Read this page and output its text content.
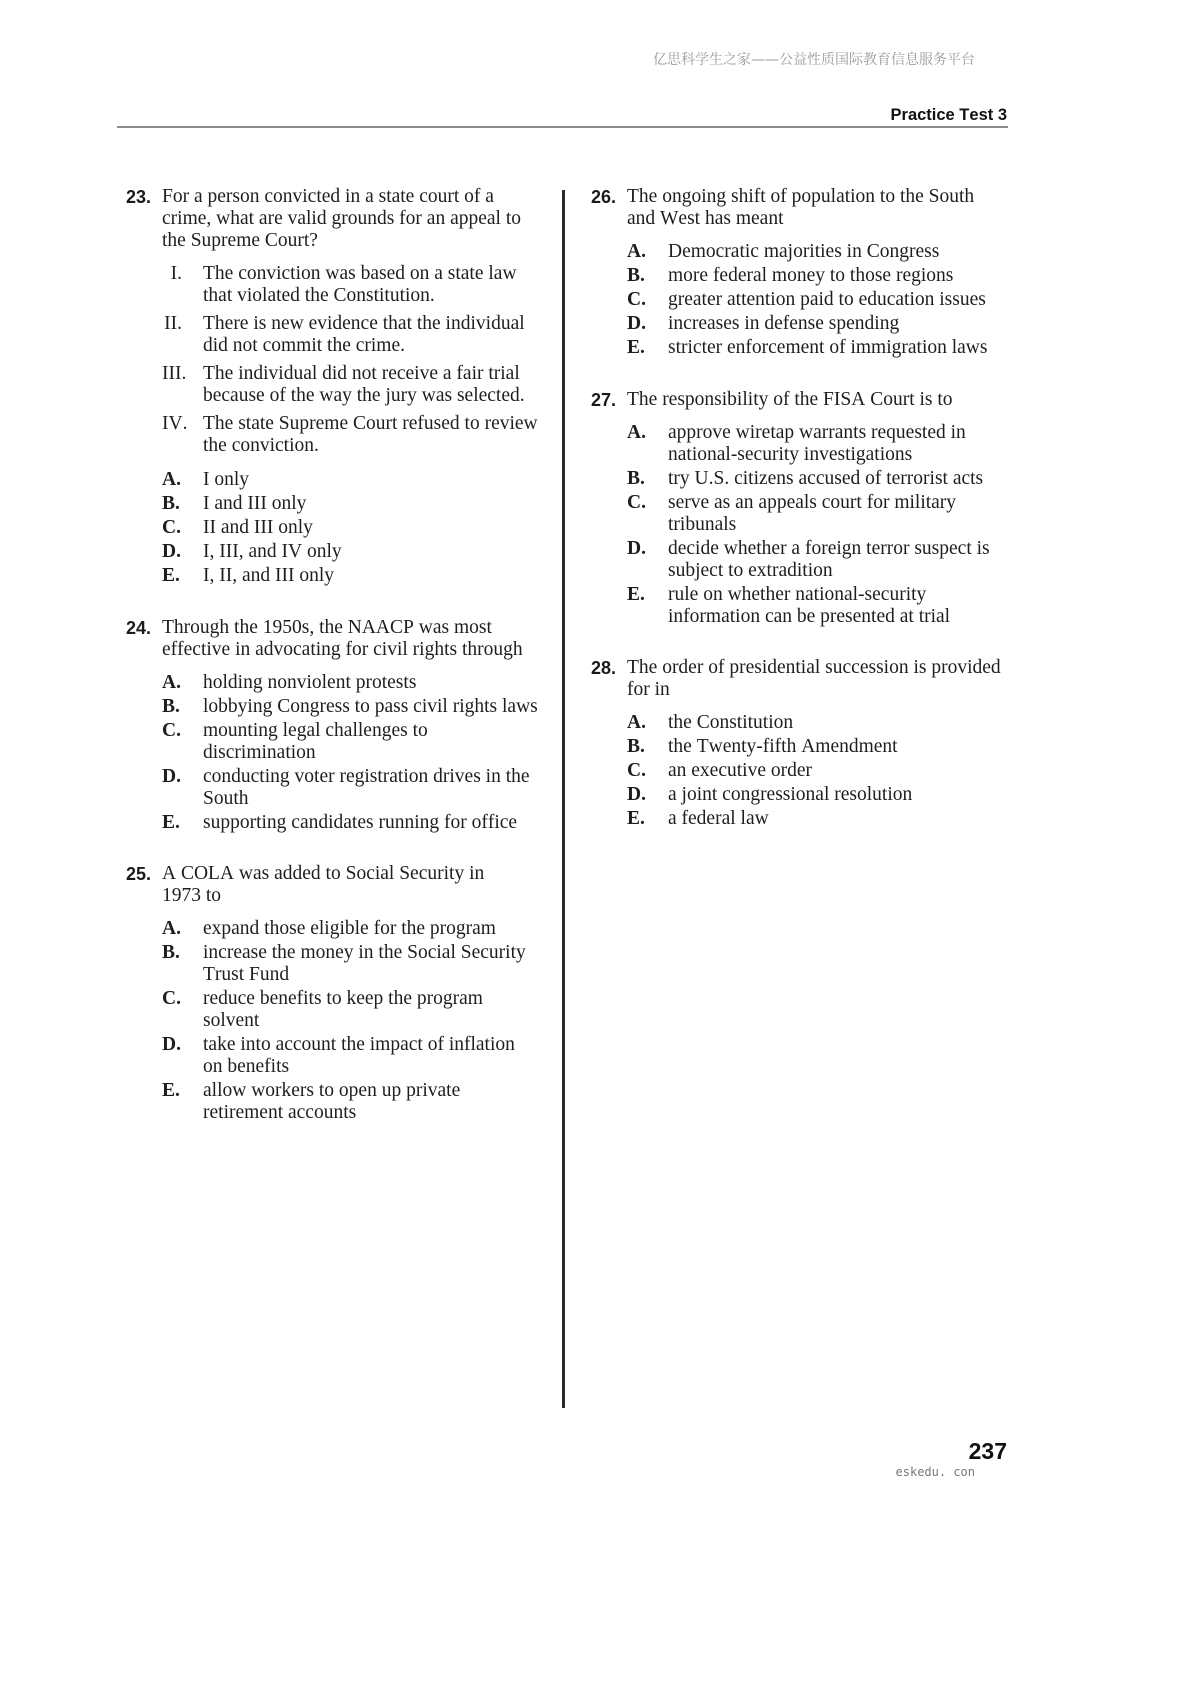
亿思科学生之家——公益性质国际教育信息服务平台
Practice Test 3
23. For a person convicted in a state court of a crime, what are valid grounds for an appeal to the Supreme Court?
I. The conviction was based on a state law that violated the Constitution.
II. There is new evidence that the individual did not commit the crime.
III. The individual did not receive a fair trial because of the way the jury was selected.
IV. The state Supreme Court refused to review the conviction.
A. I only
B. I and III only
C. II and III only
D. I, III, and IV only
E. I, II, and III only
24. Through the 1950s, the NAACP was most effective in advocating for civil rights through
A. holding nonviolent protests
B. lobbying Congress to pass civil rights laws
C. mounting legal challenges to discrimination
D. conducting voter registration drives in the South
E. supporting candidates running for office
25. A COLA was added to Social Security in 1973 to
A. expand those eligible for the program
B. increase the money in the Social Security Trust Fund
C. reduce benefits to keep the program solvent
D. take into account the impact of inflation on benefits
E. allow workers to open up private retirement accounts
26. The ongoing shift of population to the South and West has meant
A. Democratic majorities in Congress
B. more federal money to those regions
C. greater attention paid to education issues
D. increases in defense spending
E. stricter enforcement of immigration laws
27. The responsibility of the FISA Court is to
A. approve wiretap warrants requested in national-security investigations
B. try U.S. citizens accused of terrorist acts
C. serve as an appeals court for military tribunals
D. decide whether a foreign terror suspect is subject to extradition
E. rule on whether national-security information can be presented at trial
28. The order of presidential succession is provided for in
A. the Constitution
B. the Twenty-fifth Amendment
C. an executive order
D. a joint congressional resolution
E. a federal law
237
eskedu. con
